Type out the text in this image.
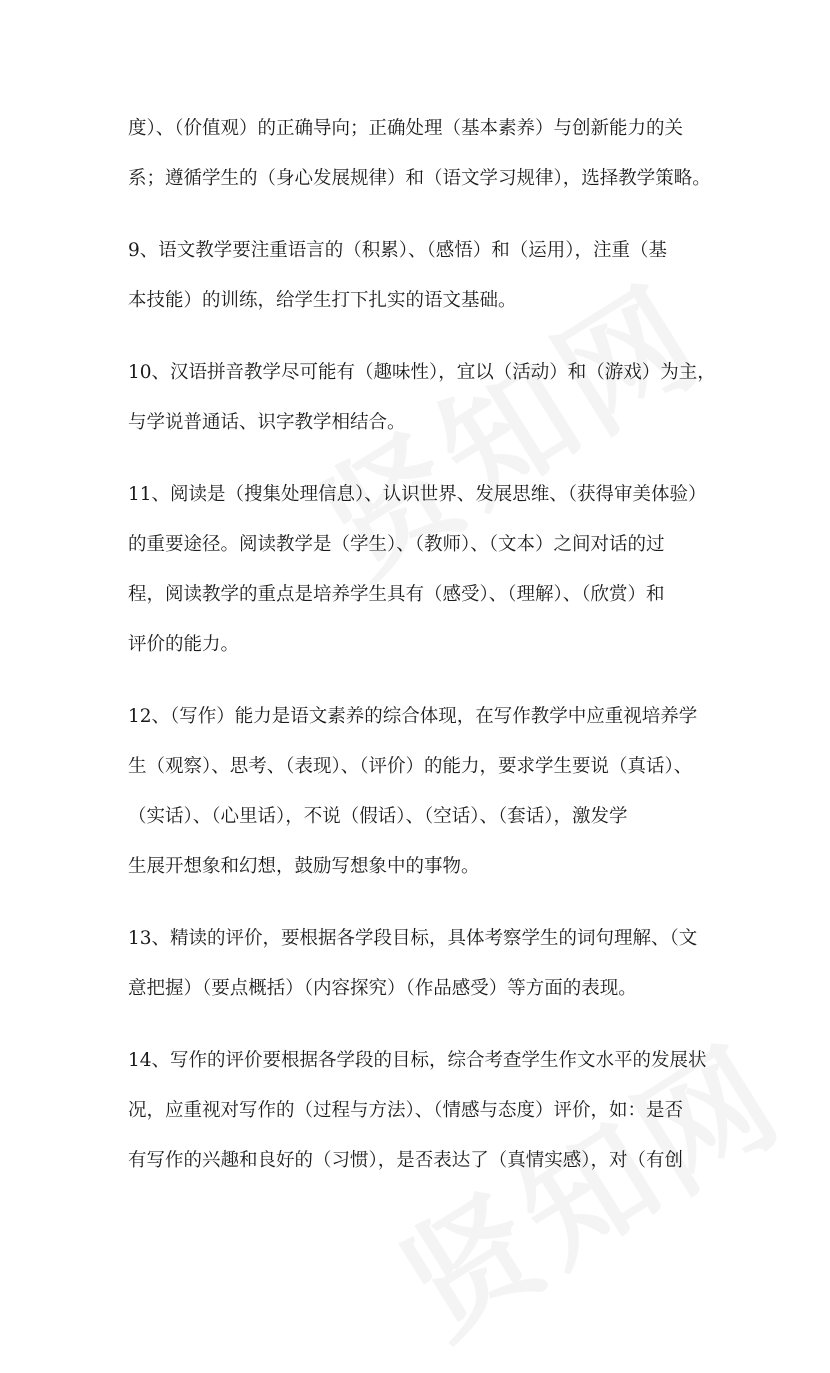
度）、（价值观）的正确导向；正确处理（基本素养）与创新能力的关
系；遵循学生的（身心发展规律）和（语文学习规律），选择教学策略。

9、语文教学要注重语言的（积累）、（感悟）和（运用），注重（基
本技能）的训练，给学生打下扎实的语文基础。

10、汉语拼音教学尽可能有（趣味性），宜以（活动）和（游戏）为主，
与学说普通话、识字教学相结合。

11、阅读是（搜集处理信息）、认识世界、发展思维、（获得审美体验）
的重要途径。阅读教学是（学生）、（教师）、（文本）之间对话的过
程，阅读教学的重点是培养学生具有（感受）、（理解）、（欣赏）和
评价的能力。

12、（写作）能力是语文素养的综合体现，在写作教学中应重视培养学
生（观察）、思考、（表现）、（评价）的能力，要求学生要说（真话）、
（实话）、（心里话），不说（假话）、（空话）、（套话），激发学
生展开想象和幻想，鼓励写想象中的事物。

13、精读的评价，要根据各学段目标，具体考察学生的词句理解、（文
意把握）（要点概括）（内容探究）（作品感受）等方面的表现。

14、写作的评价要根据各学段的目标，综合考查学生作文水平的发展状
况，应重视对写作的（过程与方法）、（情感与态度）评价，如：是否
有写作的兴趣和良好的（习惯），是否表达了（真情实感），对（有创
